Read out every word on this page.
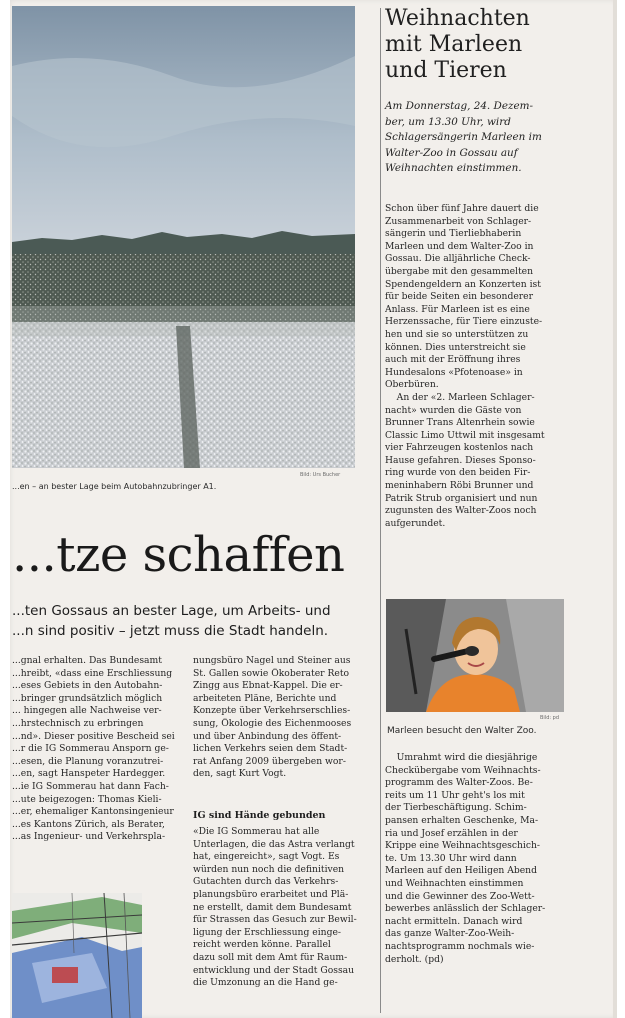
Bild: Urs Bucher
...en – an bester Lage beim Autobahnzubringer A1.
...tze schaffen
...ten Gossaus an bester Lage, um Arbeits- und
...n sind positiv – jetzt muss die Stadt handeln.
...gnal erhalten. Das Bundesamt
...hreibt, «dass eine Erschliessung
...eses Gebiets in den Autobahn-
...bringer grundsätzlich möglich
... hingegen alle Nachweise ver-
...hrstechnisch zu erbringen
...nd». Dieser positive Bescheid sei
...r die IG Sommerau Ansporn ge-
...esen, die Planung voranzutrei-
...en, sagt Hanspeter Hardegger.
...ie IG Sommerau hat dann Fach-
...ute beigezogen: Thomas Kieli-
...er, ehemaliger Kantonsingenieur
...es Kantons Zürich, als Berater,
...as Ingenieur- und Verkehrspla-
nungsbüro Nagel und Steiner aus
St. Gallen sowie Ökoberater Reto
Zingg aus Ebnat-Kappel. Die er-
arbeiteten Pläne, Berichte und
Konzepte über Verkehrserschlies-
sung, Ökologie des Eichenmooses
und über Anbindung des öffent-
lichen Verkehrs seien dem Stadt-
rat Anfang 2009 übergeben wor-
den, sagt Kurt Vogt.
IG sind Hände gebunden
«Die IG Sommerau hat alle
Unterlagen, die das Astra verlangt
hat, eingereicht», sagt Vogt. Es
würden nun noch die definitiven
Gutachten durch das Verkehrs-
planungsbüro erarbeitet und Plä-
ne erstellt, damit dem Bundesamt
für Strassen das Gesuch zur Bewil-
ligung der Erschliessung einge-
reicht werden könne. Parallel
dazu soll mit dem Amt für Raum-
entwicklung und der Stadt Gossau
die Umzonung an die Hand ge-
Weihnachten
mit Marleen
und Tieren
Am Donnerstag, 24. Dezem-
ber, um 13.30 Uhr, wird
Schlagersängerin Marleen im
Walter-Zoo in Gossau auf
Weihnachten einstimmen.
Schon über fünf Jahre dauert die
Zusammenarbeit von Schlager-
sängerin und Tierliebhaberin
Marleen und dem Walter-Zoo in
Gossau. Die alljährliche Check-
übergabe mit den gesammelten
Spendengeldern an Konzerten ist
für beide Seiten ein besonderer
Anlass. Für Marleen ist es eine
Herzenssache, für Tiere einzuste-
hen und sie so unterstützen zu
können. Dies unterstreicht sie
auch mit der Eröffnung ihres
Hundesalons «Pfotenoase» in
Oberbüren.
An der «2. Marleen Schlager-
nacht» wurden die Gäste von
Brunner Trans Altenrhein sowie
Classic Limo Uttwil mit insgesamt
vier Fahrzeugen kostenlos nach
Hause gefahren. Dieses Sponso-
ring wurde von den beiden Fir-
meninhabern Röbi Brunner und
Patrik Strub organisiert und nun
zugunsten des Walter-Zoos noch
aufgerundet.
Bild: pd
Marleen besucht den Walter Zoo.
Umrahmt wird die diesjährige
Checkübergabe vom Weihnachts-
programm des Walter-Zoos. Be-
reits um 11 Uhr geht's los mit
der Tierbeschäftigung. Schim-
pansen erhalten Geschenke, Ma-
ria und Josef erzählen in der
Krippe eine Weihnachtsgeschich-
te. Um 13.30 Uhr wird dann
Marleen auf den Heiligen Abend
und Weihnachten einstimmen
und die Gewinner des Zoo-Wett-
bewerbes anlässlich der Schlager-
nacht ermitteln. Danach wird
das ganze Walter-Zoo-Weih-
nachtsprogramm nochmals wie-
derholt. (pd)
